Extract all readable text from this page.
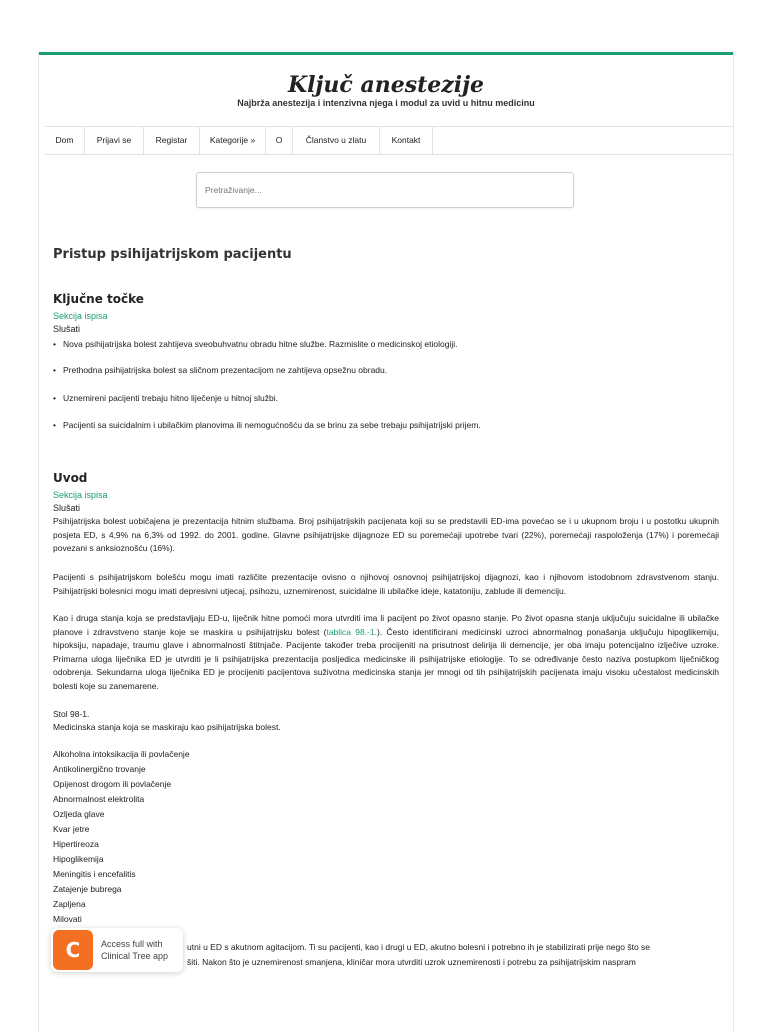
Ključ anestezije
Najbrža anestezija i intenzivna njega i modul za uvid u hitnu medicinu
Dom	Prijavi se	Registar	Kategorije »	O	Članstvo u zlatu	Kontakt
Pretraživanje...
Pristup psihijatrijskom pacijentu
Ključne točke
Sekcija ispisa
Slušati
• Nova psihijatrijska bolest zahtijeva sveobuhvatnu obradu hitne službe. Razmislite o medicinskoj etiologiji.
• Prethodna psihijatrijska bolest sa sličnom prezentacijom ne zahtijeva opsežnu obradu.
• Uznemireni pacijenti trebaju hitno liječenje u hitnoj službi.
• Pacijenti sa suicidalnim i ubilačkim planovima ili nemogućnošću da se brinu za sebe trebaju psihijatrijski prijem.
Uvod
Sekcija ispisa
Slušati
Psihijatrijska bolest uobičajena je prezentacija hitnim službama. Broj psihijatrijskih pacijenata koji su se predstavili ED-ima povećao se i u ukupnom broju i u postotku ukupnih posjeta ED, s 4,9% na 6,3% od 1992. do 2001. godine. Glavne psihijatrijske dijagnoze ED su poremećaji upotrebe tvari (22%), poremećaji raspoloženja (17%) i poremećaji povezani s anksioznošću (16%).
Pacijenti s psihijatrijskom bolešću mogu imati različite prezentacije ovisno o njihovoj osnovnoj psihijatrijskoj dijagnozi, kao i njihovom istodobnom zdravstvenom stanju. Psihijatrijski bolesnici mogu imati depresivni utjecaj, psihozu, uznemirenost, suicidalne ili ubilačke ideje, katatoniju, zablude ili demenciju.
Kao i druga stanja koja se predstavljaju ED-u, liječnik hitne pomoći mora utvrditi ima li pacijent po život opasno stanje. Po život opasna stanja uključuju suicidalne ili ubilačke planove i zdravstveno stanje koje se maskira u psihijatrijsku bolest (tablica 98.-1.). Često identificirani medicinski uzroci abnormalnog ponašanja uključuju hipoglikemiju, hipoksiju, napadaje, traumu glave i abnormalnosti štitnjače. Pacijente također treba procijeniti na prisutnost delirija ili demencije, jer oba imaju potencijalno izlječive uzroke. Primarna uloga liječnika ED je utvrditi je li psihijatrijska prezentacija posljedica medicinske ili psihijatrijske etiologije. To se određivanje često naziva postupkom liječničkog odobrenja. Sekundarna uloga liječnika ED je procijeniti pacijentova suživotna medicinska stanja jer mnogi od tih psihijatrijskih pacijenata imaju visoku učestalost medicinskih bolesti koje su zanemarene.
Stol 98-1.
Medicinska stanja koja se maskiraju kao psihijatrijska bolest.
Alkoholna intoksikacija ili povlačenje
Antikolinergično trovanje
Opijenost drogom ili povlačenje
Abnormalnost elektrolita
Ozljeda glave
Kvar jetre
Hipertireoza
Hipoglikemija
Meningitis i encefalitis
Zatajenje bubrega
Zapljena
Milovati
utni u ED s akutnom agitacijom. Ti su pacijenti, kao i drugi u ED, akutno bolesni i potrebno ih je stabilizirati prije nego što se
šiti. Nakon što je uznemirenost smanjena, kliničar mora utvrditi uzrok uznemirenosti i potrebu za psihijatrijskim naspram
C	Access full with
Clinical Tree app
